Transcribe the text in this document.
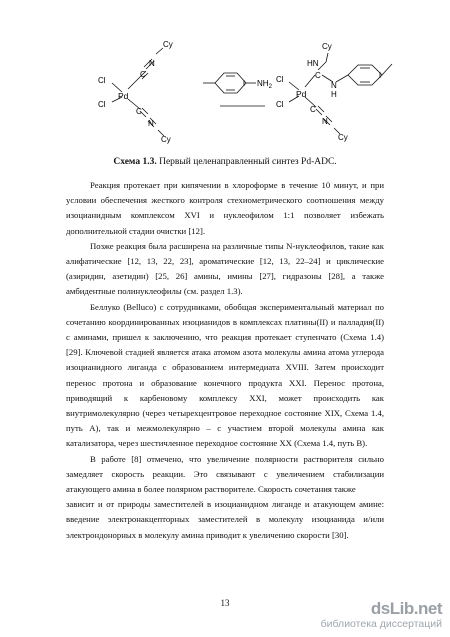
Cy
N
C
Pd
Cl
Cl
C
N
Cy
$NH_2$
Cy
HN
C
N
H
Pd
Cl
Cl
C
N
Cy
Схема 1.3. Первый целенаправленный синтез Pd-ADC.

Реакция протекает при кипячении в хлороформе в течение 10 минут, и при условии обеспечения жесткого контроля стехиометрического соотношения между изоцианидным комплексом XVI и нуклеофилом 1:1 позволяет избежать дополнительной стадии очистки [12].

Позже реакция была расширена на различные типы N-нуклеофилов, такие как алифатические [12, 13, 22, 23], ароматические [12, 13, 22–24] и циклические (азиридин, азетидин) [25, 26] амины, имины [27], гидразоны [28], а также амбидентные полинуклеофилы (см. раздел 1.3).

Беллуко (Belluco) с сотрудниками, обобщая экспериментальный материал по сочетанию координированных изоцианидов в комплексах платины(II) и палладия(II) с аминами, пришел к заключению, что реакция протекает ступенчато (Схема 1.4) [29]. Ключевой стадией является атака атомом азота молекулы амина атома углерода изоцианидного лиганда с образованием интермедиата XVIII. Затем происходит перенос протона и образование конечного продукта XXI. Перенос протона, приводящий к карбеновому комплексу XXI, может происходить как внутримолекулярно (через четырехцентровое переходное состояние XIX, Схема 1.4, путь А), так и межмолекулярно – с участием второй молекулы амина как катализатора, через шестичленное переходное состояние XX (Схема 1.4, путь В).

В работе [8] отмечено, что увеличение полярности растворителя сильно замедляет скорость реакции. Это связывают с увеличением стабилизации атакующего амина в более полярном растворителе. Скорость сочетания также

зависит и от природы заместителей в изоцианидном лиганде и атакующем амине: введение электронакцепторных заместителей в молекулу изоцианида и/или электрондонорных в молекулу амина приводит к увеличению скорости [30].

13	dsLib.net
библиотека диссертаций
